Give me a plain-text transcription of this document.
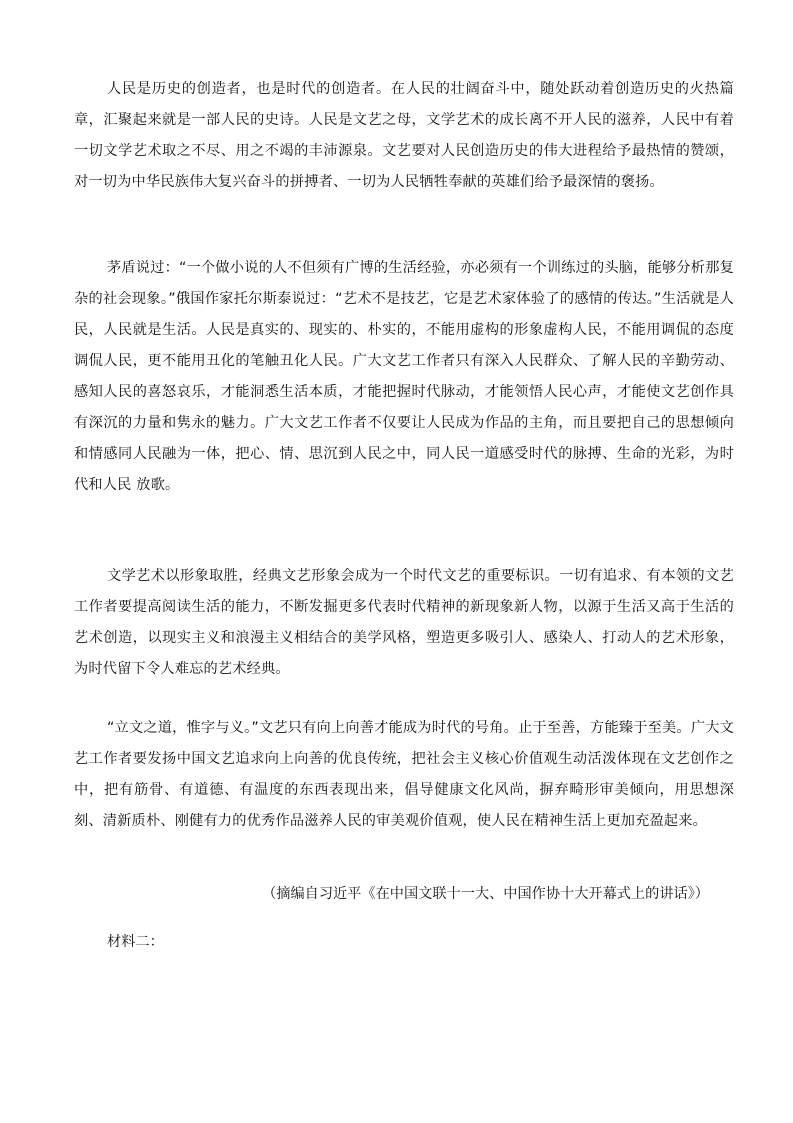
人民是历史的创造者，也是时代的创造者。在人民的壮阔奋斗中，随处跃动着创造历史的火热篇章，汇聚起来就是一部人民的史诗。人民是文艺之母，文学艺术的成长离不开人民的滋养，人民中有着一切文学艺术取之不尽、用之不竭的丰沛源泉。文艺要对人民创造历史的伟大进程给予最热情的赞颂，对一切为中华民族伟大复兴奋斗的拼搏者、一切为人民牺牲奉献的英雄们给予最深情的褒扬。

茅盾说过：“一个做小说的人不但须有广博的生活经验，亦必须有一个训练过的头脑，能够分析那复杂的社会现象。”俄国作家托尔斯泰说过：“艺术不是技艺，它是艺术家体验了的感情的传达。”生活就是人民，人民就是生活。人民是真实的、现实的、朴实的，不能用虚构的形象虚构人民，不能用调侃的态度调侃人民，更不能用丑化的笔触丑化人民。广大文艺工作者只有深入人民群众、了解人民的辛勤劳动、感知人民的喜怒哀乐，才能洞悉生活本质，才能把握时代脉动，才能领悟人民心声，才能使文艺创作具有深沉的力量和隽永的魅力。广大文艺工作者不仅要让人民成为作品的主角，而且要把自己的思想倾向和情感同人民融为一体，把心、情、思沉到人民之中，同人民一道感受时代的脉搏、生命的光彩，为时代和人民 放歌。

文学艺术以形象取胜，经典文艺形象会成为一个时代文艺的重要标识。一切有追求、有本领的文艺工作者要提高阅读生活的能力，不断发掘更多代表时代精神的新现象新人物，以源于生活又高于生活的艺术创造，以现实主义和浪漫主义相结合的美学风格，塑造更多吸引人、感染人、打动人的艺术形象，为时代留下令人难忘的艺术经典。

“立文之道，惟字与义。”文艺只有向上向善才能成为时代的号角。止于至善，方能臻于至美。广大文艺工作者要发扬中国文艺追求向上向善的优良传统，把社会主义核心价值观生动活泼体现在文艺创作之中，把有筋骨、有道德、有温度的东西表现出来，倡导健康文化风尚，摒弃畸形审美倾向，用思想深刻、清新质朴、刚健有力的优秀作品滋养人民的审美观价值观，使人民在精神生活上更加充盈起来。

（摘编自习近平《在中国文联十一大、中国作协十大开幕式上的讲话》）

材料二：
